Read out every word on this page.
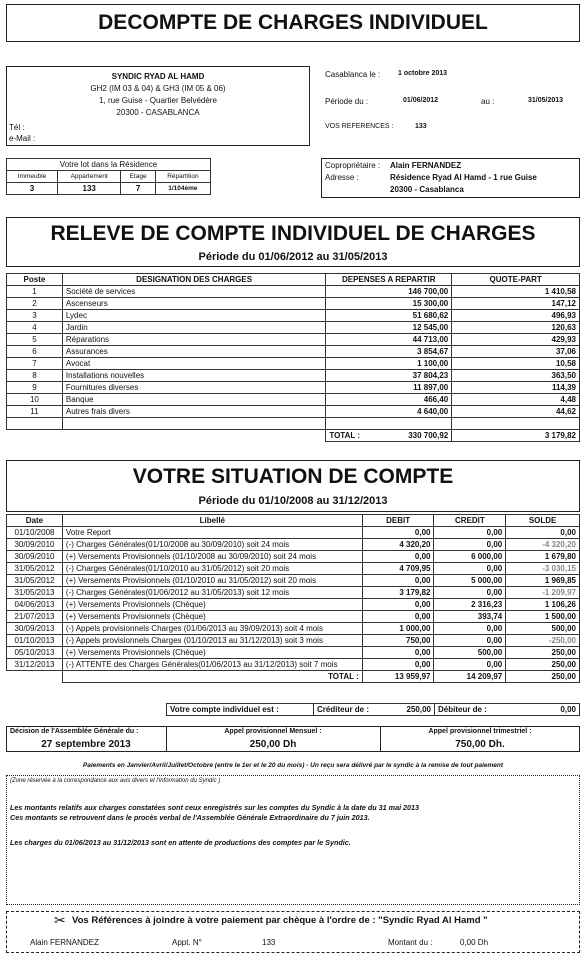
DECOMPTE DE CHARGES INDIVIDUEL
SYNDIC RYAD AL HAMD
GH2 (IM 03 & 04) & GH3 (IM 05 & 06)
1, rue Guise - Quartier Belvédère
20300 - CASABLANCA
Tél :
e-Mail :
Casablanca le :	1 octobre 2013
Période du :	01/06/2012	au :	31/05/2013
VOS REFERENCES :	133
Votre lot dans la Résidence			
Immeuble	Appartement	Etage	Répartition
3	133	7	1/104ème
Copropriétaire : Alain FERNANDEZ
Adresse :	Résidence Ryad Al Hamd - 1 rue Guise
20300 - Casablanca
RELEVE DE COMPTE INDIVIDUEL DE CHARGES
Période du 01/06/2012 au 31/05/2013
Poste	DESIGNATION DES CHARGES	DEPENSES A REPARTIR	QUOTE-PART
1	Société de services	146 700,00	1 410,58
2	Ascenseurs	15 300,00	147,12
3	Lydec	51 680,62	496,93
4	Jardin	12 545,00	120,63
5	Réparations	44 713,00	429,93
6	Assurances	3 854,67	37,06
7	Avocat	1 100,00	10,58
8	Installations nouvelles	37 804,23	363,50
9	Fournitures diverses	11 897,00	114,39
10	Banque	466,40	4,48
11	Autres frais divers	4 640,00	44,62

		TOTAL : 330 700,92	3 179,82
VOTRE SITUATION DE COMPTE
Période du 01/10/2008 au 31/12/2013
Date	Libellé	DEBIT	CREDIT	SOLDE
01/10/2008	Votre Report	0,00	0,00	0,00
30/09/2010	(-) Charges Générales(01/10/2008 au 30/09/2010) soit 24 mois	4 320,20	0,00	-4 320,20
30/09/2010	(+) Versements Provisionnels (01/10/2008 au 30/09/2010) soit 24 mois	0,00	6 000,00	1 679,80
31/05/2012	(-) Charges Générales(01/10/2010 au 31/05/2012) soit 20 mois	4 709,95	0,00	-3 030,15
31/05/2012	(+) Versements Provisionnels (01/10/2010 au 31/05/2012) soit 20 mois	0,00	5 000,00	1 969,85
31/05/2013	(-) Charges Générales(01/06/2012 au 31/05/2013) soit 12 mois	3 179,82	0,00	-1 209,97
04/06/2013	(+) Versements Provisionnels (Chèque)	0,00	2 316,23	1 106,26
21/07/2013	(+) Versements Provisionnels (Chèque)	0,00	393,74	1 500,00
30/09/2013	(-) Appels provisionnels Charges (01/06/2013 au 39/09/2013) soit 4 mois	1 000,00	0,00	500,00
01/10/2013	(-) Appels provisionnels Charges (01/10/2013 au 31/12/2013) soit 3 mois	750,00	0,00	-250,00
05/10/2013	(+) Versements Provisionnels (Chèque)	0,00	500,00	250,00
31/12/2013	(-) ATTENTE des Charges Générales(01/06/2013 au 31/12/2013) soit 7 mois	0,00	0,00	250,00
	TOTAL :	13 959,97	14 209,97	250,00
Votre compte individuel est :	Créditeur de :	250,00	Débiteur de :	0,00
Décision de l'Assemblée Générale du :
27 septembre 2013
Appel provisionnel Mensuel :
250,00 Dh
Appel provisionnel trimestriel :
750,00 Dh.
Paiements en Janvier/Avril/Juillet/Octobre (entre le 1er et le 20 du mois) - Un reçu sera délivré par le syndic à la remise de tout paiement
(Zone réservée à la correspondance aux avis divers et l'information du Syndic )
Les montants relatifs aux charges constatées sont ceux enregistrés sur les comptes du Syndic à la date du 31 mai 2013
Ces montants se retrouvent dans le procès verbal de l'Assemblée Générale Extraordinaire du 7 juin 2013.
Les charges du 01/06/2013 au 31/12/2013 sont en attente de productions des comptes par le Syndic.
✂ Vos Références à joindre à votre paiement par chèque à l'ordre de : "Syndic Ryad Al Hamd "
Alain FERNANDEZ	Appt. N°	133	Montant du :	0,00 Dh
